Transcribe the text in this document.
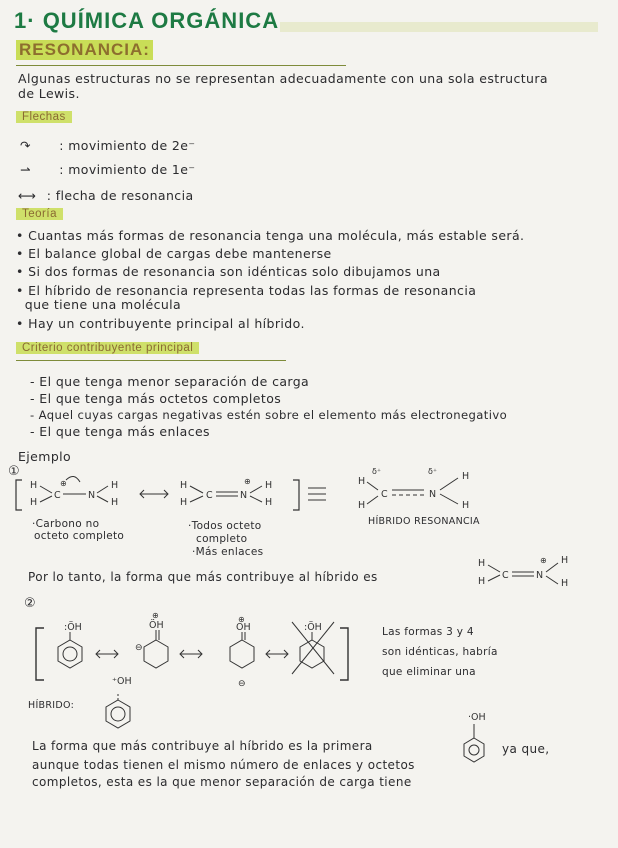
1· QUÍMICA ORGÁNICA
RESONANCIA:
Algunas estructuras no se representan adecuadamente con una sola estructura
de Lewis.
Flechas
↷ : movimiento de 2e⁻
⇀ : movimiento de 1e⁻
⟷ : flecha de resonancia
Teoría
• Cuantas más formas de resonancia tenga una molécula, más estable será.
• El balance global de cargas debe mantenerse
• Si dos formas de resonancia son idénticas solo dibujamos una
• El híbrido de resonancia representa todas las formas de resonancia
que tiene una molécula
• Hay un contribuyente principal al híbrido.
Criterio contribuyente principal
- El que tenga menor separación de carga
- El que tenga más octetos completos
- Aquel cuyas cargas negativas estén sobre el elemento más electronegativo
- El que tenga más enlaces
Ejemplo
①
H
H
C
⊕
N
H
H
H
H
C	N
⊕ H
H
H
H
δ⁺
C
δ⁺
N
H
H
H
H
C	N
⊕ H
H
:ÖH	ÖH
⊕
⊖
OH
⊕
⊖
:ÖH
⁺OH
·OH
·Carbono no
octeto completo
·Todos octeto
completo
·Más enlaces
HÍBRIDO RESONANCIA
Por lo tanto, la forma que más contribuye al híbrido es
②
Las formas 3 y 4
son idénticas, habría
que eliminar una
HÍBRIDO:
La forma que más contribuye al híbrido es la primera	ya que,
aunque todas tienen el mismo número de enlaces y octetos
completos, esta es la que menor separación de carga tiene
